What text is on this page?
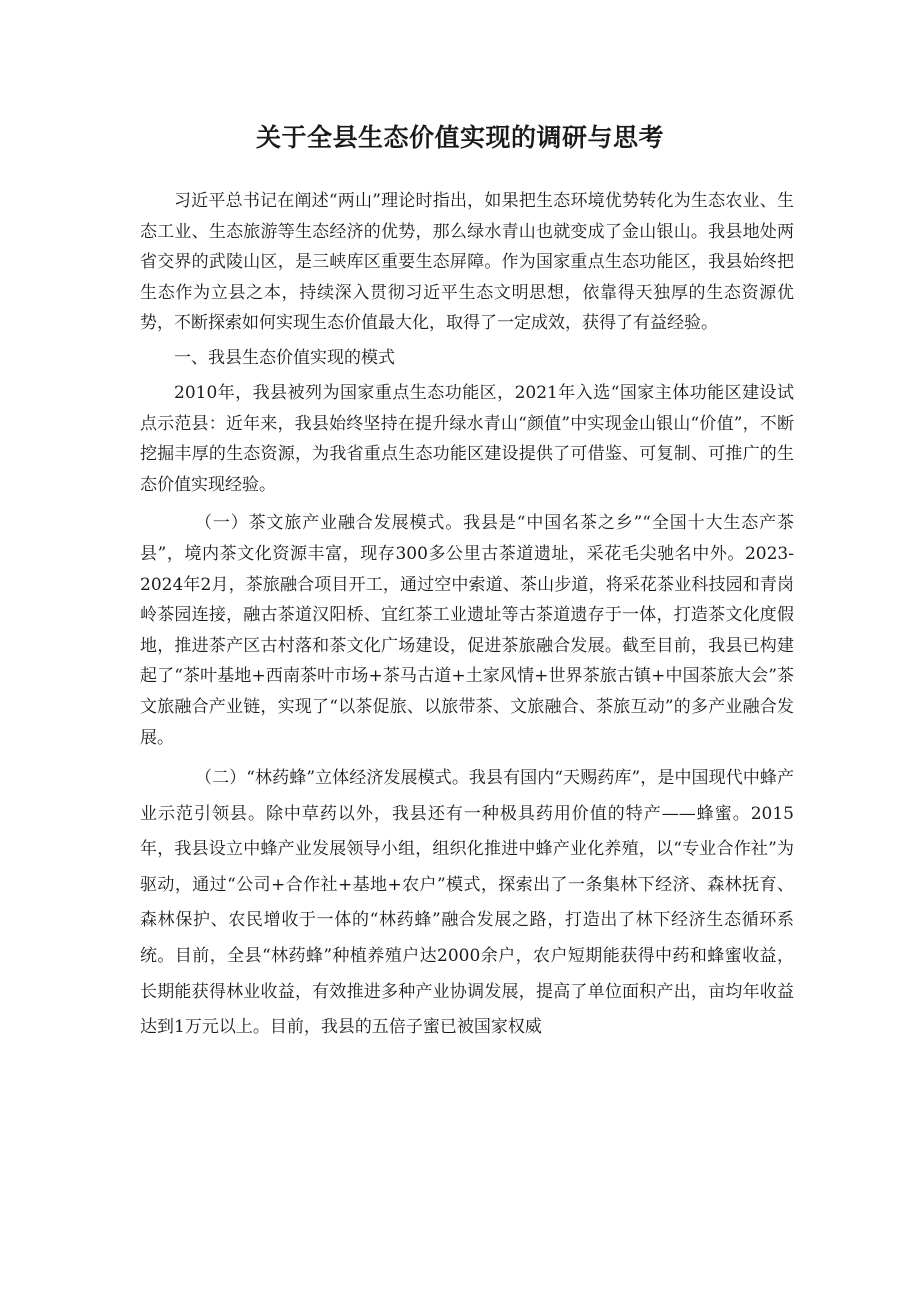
关于全县生态价值实现的调研与思考

习近平总书记在阐述“两山”理论时指出，如果把生态环境优势转化为生态农业、生态工业、生态旅游等生态经济的优势，那么绿水青山也就变成了金山银山。我县地处两省交界的武陵山区，是三峡库区重要生态屏障。作为国家重点生态功能区，我县始终把生态作为立县之本，持续深入贯彻习近平生态文明思想，依靠得天独厚的生态资源优势，不断探索如何实现生态价值最大化，取得了一定成效，获得了有益经验。

一、我县生态价值实现的模式

2010年，我县被列为国家重点生态功能区，2021年入选“国家主体功能区建设试点示范县：近年来，我县始终坚持在提升绿水青山“颜值”中实现金山银山“价值”，不断挖掘丰厚的生态资源，为我省重点生态功能区建设提供了可借鉴、可复制、可推广的生态价值实现经验。

（一）茶文旅产业融合发展模式。我县是“中国名茶之乡”“全国十大生态产茶县”，境内茶文化资源丰富，现存300多公里古茶道遗址，采花毛尖驰名中外。2023-2024年2月，茶旅融合项目开工，通过空中索道、茶山步道，将采花茶业科技园和青岗岭茶园连接，融古茶道汉阳桥、宜红茶工业遗址等古茶道遗存于一体，打造茶文化度假地，推进茶产区古村落和茶文化广场建设，促进茶旅融合发展。截至目前，我县已构建起了“茶叶基地+西南茶叶市场+茶马古道+土家风情+世界茶旅古镇+中国茶旅大会”茶文旅融合产业链，实现了“以茶促旅、以旅带茶、文旅融合、茶旅互动”的多产业融合发展。

（二）“林药蜂”立体经济发展模式。我县有国内“天赐药库”，是中国现代中蜂产业示范引领县。除中草药以外，我县还有一种极具药用价值的特产——蜂蜜。2015年，我县设立中蜂产业发展领导小组，组织化推进中蜂产业化养殖，以“专业合作社”为驱动，通过“公司+合作社+基地+农户”模式，探索出了一条集林下经济、森林抚育、森林保护、农民增收于一体的“林药蜂”融合发展之路，打造出了林下经济生态循环系统。目前，全县“林药蜂”种植养殖户达2000余户，农户短期能获得中药和蜂蜜收益，长期能获得林业收益，有效推进多种产业协调发展，提高了单位面积产出，亩均年收益达到1万元以上。目前，我县的五倍子蜜已被国家权威
